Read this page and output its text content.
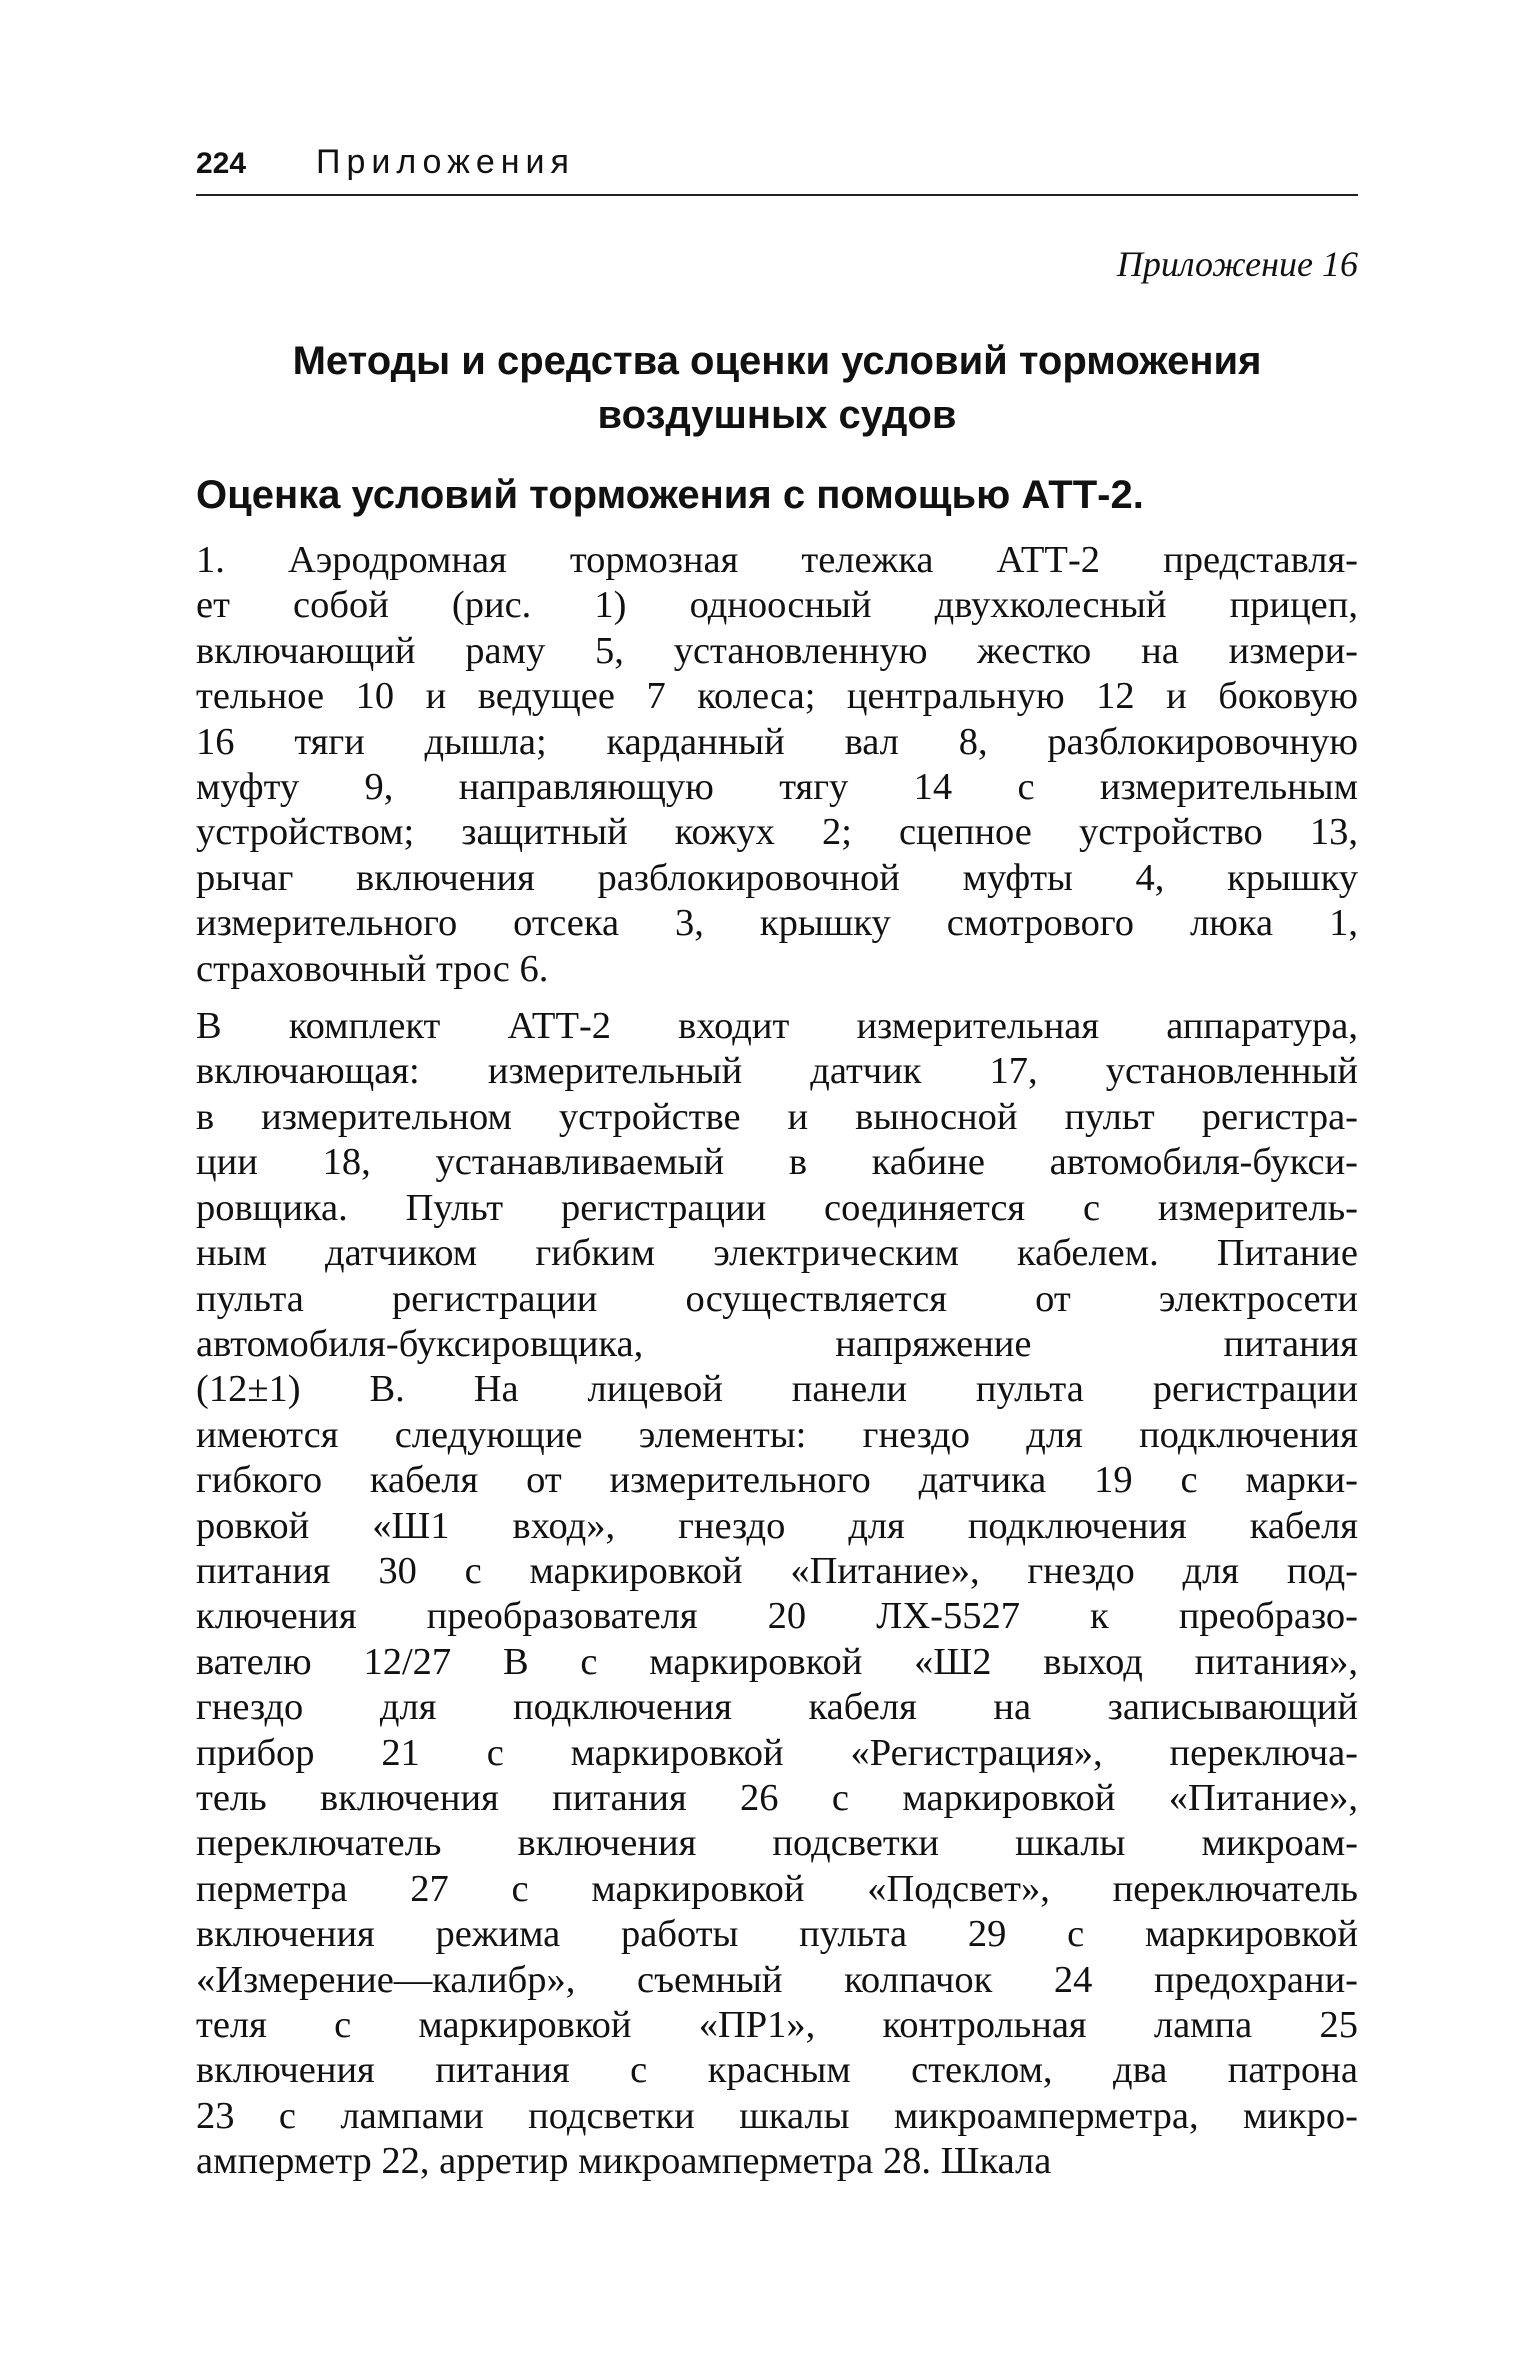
224	Приложения
Приложение 16
Методы и средства оценки условий торможения
воздушных судов
Оценка условий торможения с помощью АТТ-2.

1. Аэродромная тормозная тележка АТТ-2 представля-
ет собой (рис. 1) одноосный двухколесный прицеп,
включающий раму 5, установленную жестко на измери-
тельное 10 и ведущее 7 колеса; центральную 12 и боковую
16 тяги дышла; карданный вал 8, разблокировочную
муфту 9, направляющую тягу 14 с измерительным
устройством; защитный кожух 2; сцепное устройство 13,
рычаг включения разблокировочной муфты 4, крышку
измерительного отсека 3, крышку смотрового люка 1,
страховочный трос 6.

В комплект АТТ-2 входит измерительная аппаратура,
включающая: измерительный датчик 17, установленный
в измерительном устройстве и выносной пульт регистра-
ции 18, устанавливаемый в кабине автомобиля-букси-
ровщика. Пульт регистрации соединяется с измеритель-
ным датчиком гибким электрическим кабелем. Питание
пульта регистрации осуществляется от электросети
автомобиля-буксировщика, напряжение питания
(12±1) В. На лицевой панели пульта регистрации
имеются следующие элементы: гнездо для подключения
гибкого кабеля от измерительного датчика 19 с марки-
ровкой «Ш1 вход», гнездо для подключения кабеля
питания 30 с маркировкой «Питание», гнездо для под-
ключения преобразователя 20 ЛХ-5527 к преобразо-
вателю 12/27 В с маркировкой «Ш2 выход питания»,
гнездо для подключения кабеля на записывающий
прибор 21 с маркировкой «Регистрация», переключа-
тель включения питания 26 с маркировкой «Питание»,
переключатель включения подсветки шкалы микроам-
перметра 27 с маркировкой «Подсвет», переключатель
включения режима работы пульта 29 с маркировкой
«Измерение—калибр», съемный колпачок 24 предохрани-
теля с маркировкой «ПР1», контрольная лампа 25
включения питания с красным стеклом, два патрона
23 с лампами подсветки шкалы микроамперметра, микро-
амперметр 22, арретир микроамперметра 28. Шкала
